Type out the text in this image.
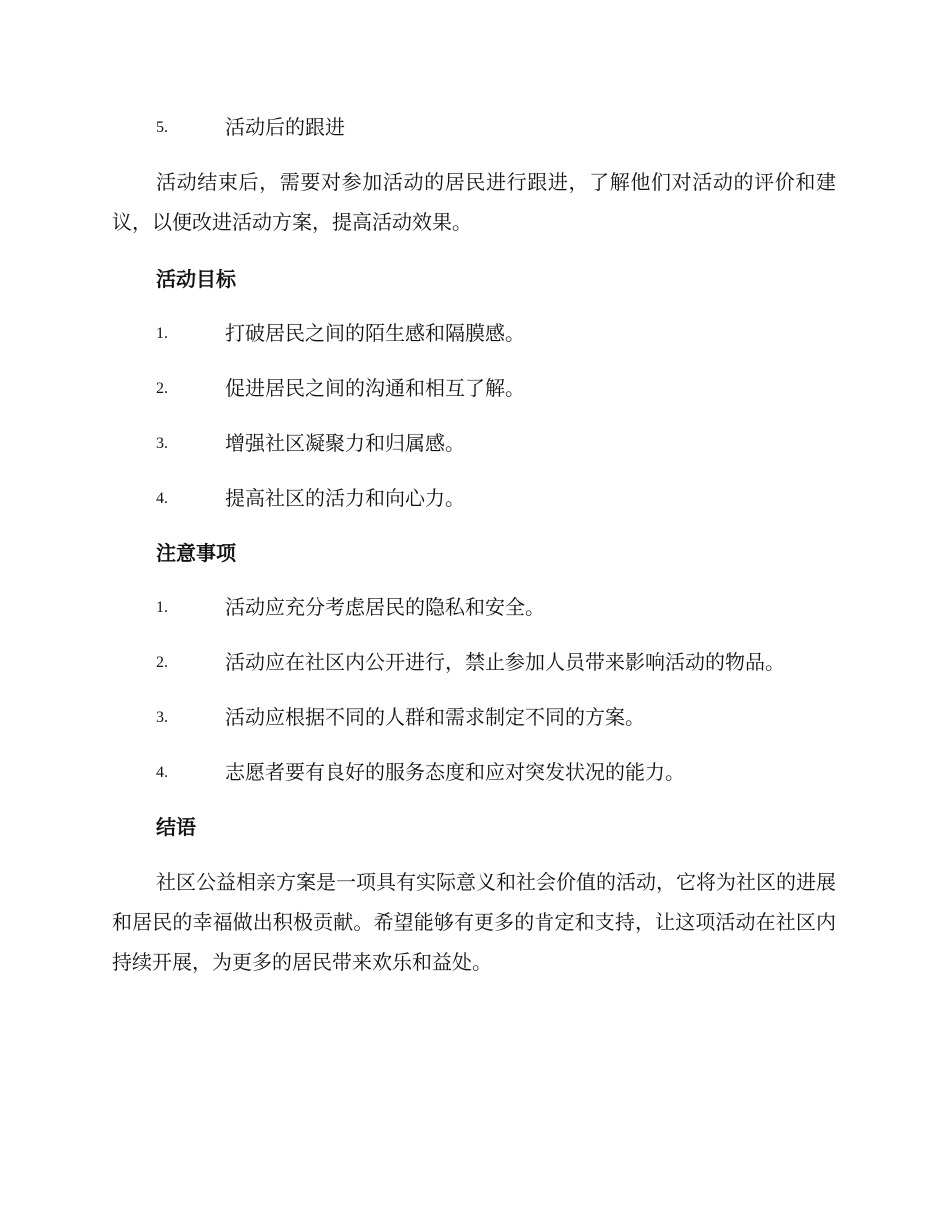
5.	活动后的跟进
活动结束后，需要对参加活动的居民进行跟进，了解他们对活动的评价和建议，以便改进活动方案，提高活动效果。
活动目标
1.	打破居民之间的陌生感和隔膜感。
2.	促进居民之间的沟通和相互了解。
3.	增强社区凝聚力和归属感。
4.	提高社区的活力和向心力。
注意事项
1.	活动应充分考虑居民的隐私和安全。
2.	活动应在社区内公开进行，禁止参加人员带来影响活动的物品。
3.	活动应根据不同的人群和需求制定不同的方案。
4.	志愿者要有良好的服务态度和应对突发状况的能力。
结语
社区公益相亲方案是一项具有实际意义和社会价值的活动，它将为社区的进展和居民的幸福做出积极贡献。希望能够有更多的肯定和支持，让这项活动在社区内持续开展，为更多的居民带来欢乐和益处。
